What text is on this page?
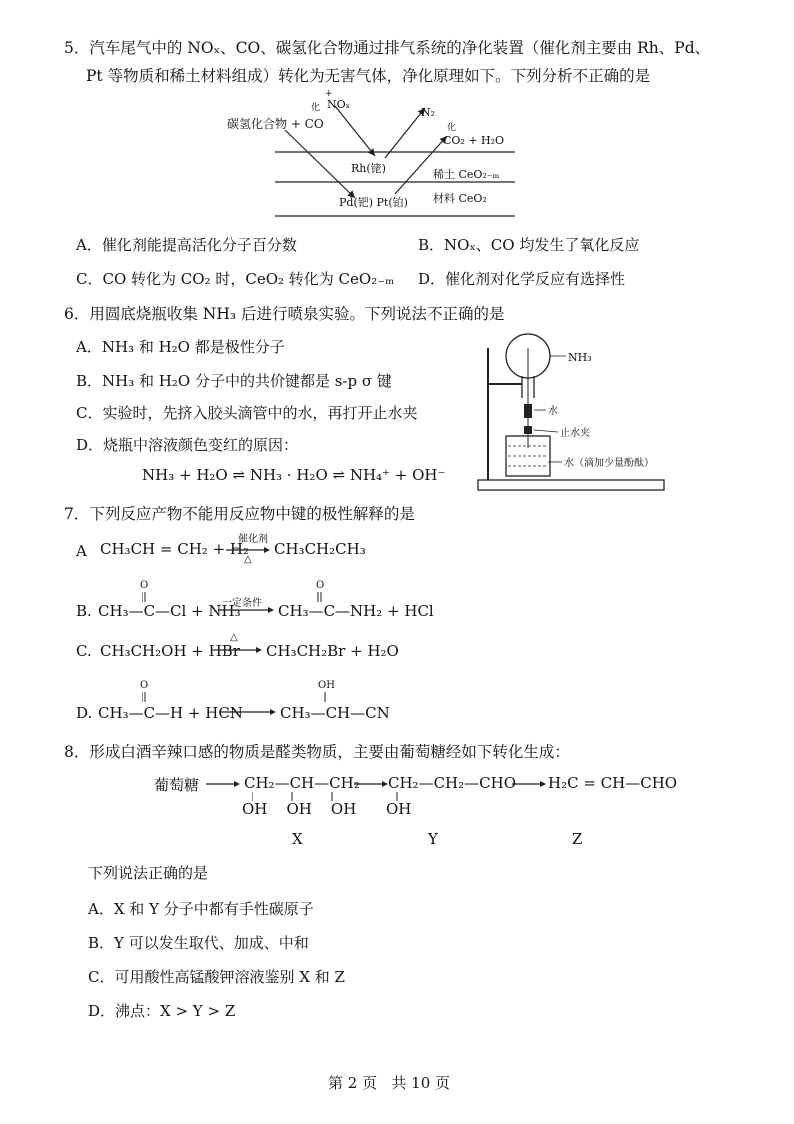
5．汽车尾气中的 NOₓ、CO、碳氢化合物通过排气系统的净化装置（催化剂主要由 Rh、Pd、
Pt 等物质和稀土材料组成）转化为无害气体，净化原理如下。下列分析不正确的是
碳氢化合物 + CO
NOₓ
N₂
CO₂ + H₂O
Rh(铑)
Pd(钯) Pt(铂)
稀土 CeO₂₋ₘ
材料 CeO₂
化
+
化
A．催化剂能提高活化分子百分数	B．NOₓ、CO 均发生了氧化反应
C．CO 转化为 CO₂ 时，CeO₂ 转化为 CeO₂₋ₘ D．催化剂对化学反应有选择性
6．用圆底烧瓶收集 NH₃ 后进行喷泉实验。下列说法不正确的是
A．NH₃ 和 H₂O 都是极性分子
B．NH₃ 和 H₂O 分子中的共价键都是 s-p σ 键
C．实验时，先挤入胶头滴管中的水，再打开止水夹
D．烧瓶中溶液颜色变红的原因：
NH₃ + H₂O ⇌ NH₃ · H₂O ⇌ NH₄⁺ + OH⁻
NH₃
水
止水夹
水（滴加少量酚酞）
7．下列反应产物不能用反应物中键的极性解释的是
A CH₃CH = CH₂ + H₂
催化剂
△
CH₃CH₂CH₃
O	O
B. CH₃—C—Cl + NH₃
一定条件 CH₃—C—NH₂ + HCl
C. CH₃CH₂OH + HBr
△
CH₃CH₂Br + H₂O
O	OH
D. CH₃—C—H + HCN CH₃—CH—CN
8．形成白酒辛辣口感的物质是醛类物质，主要由葡萄糖经如下转化生成：
葡萄糖	CH₂—CH—CH₂
OH    OH    OH
CH₂—CH₂—CHO
OH
H₂C = CH—CHO
X	Y	Z
下列说法正确的是
A．X 和 Y 分子中都有手性碳原子
B．Y 可以发生取代、加成、中和
C．可用酸性高锰酸钾溶液鉴别 X 和 Z
D．沸点：X > Y > Z
第 2 页   共 10 页
